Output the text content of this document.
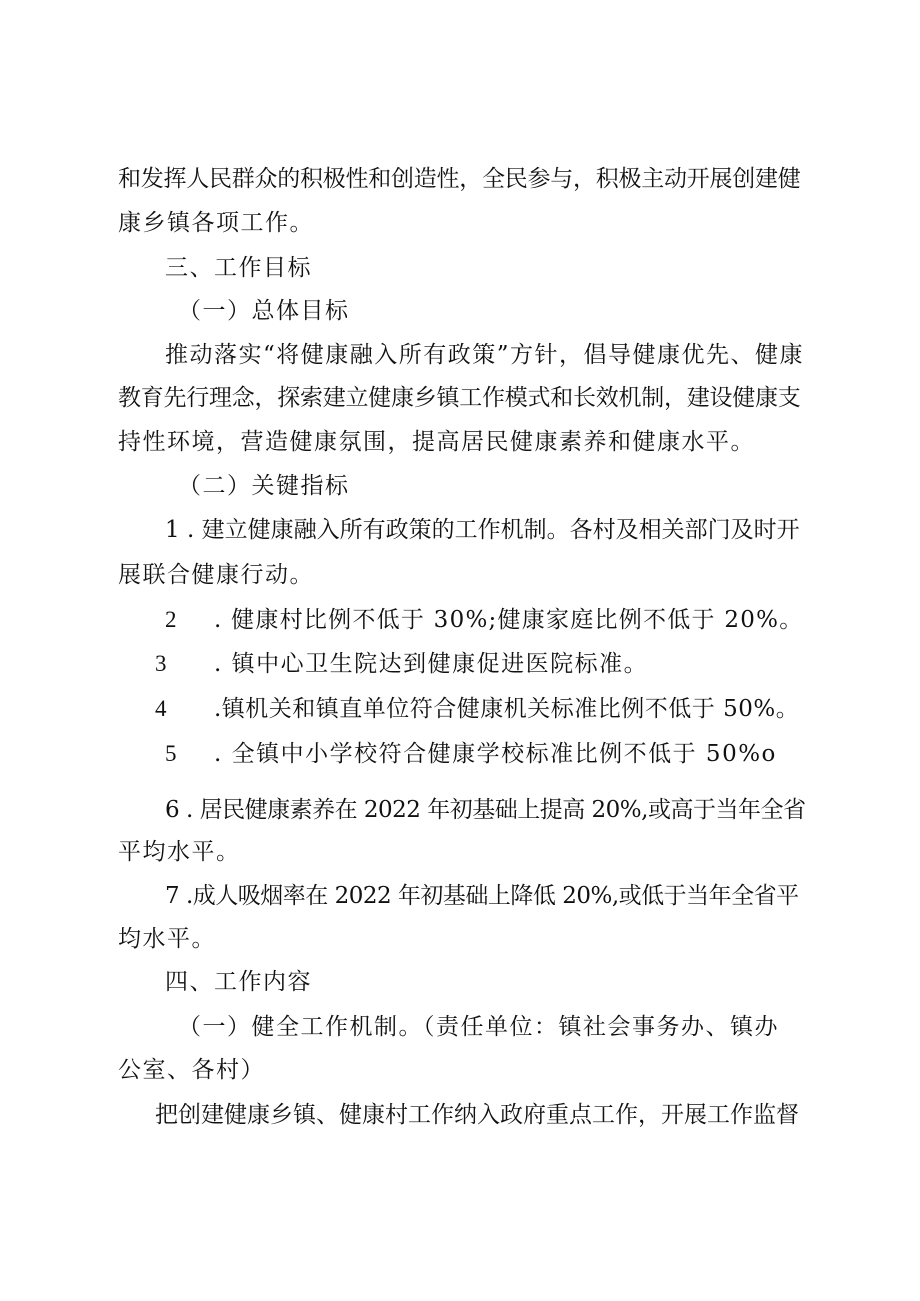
和发挥人民群众的积极性和创造性，全民参与，积极主动开展创建健
康乡镇各项工作。
三、工作目标
（一）总体目标
推动落实“将健康融入所有政策”方针，倡导健康优先、健康
教育先行理念，探索建立健康乡镇工作模式和长效机制，建设健康支
持性环境，营造健康氛围，提高居民健康素养和健康水平。
（二）关键指标
1 . 建立健康融入所有政策的工作机制。各村及相关部门及时开
展联合健康行动。
2 . 健康村比例不低于 30%;健康家庭比例不低于 20%。
3 . 镇中心卫生院达到健康促进医院标准。
4 .镇机关和镇直单位符合健康机关标准比例不低于 50%。
5 . 全镇中小学校符合健康学校标准比例不低于 50%o
6 . 居民健康素养在 2022 年初基础上提高 20%,或高于当年全省
平均水平。
7 .成人吸烟率在 2022 年初基础上降低 20%,或低于当年全省平
均水平。
四、工作内容
（一）健全工作机制。（责任单位：镇社会事务办、镇办
公室、各村）
把创建健康乡镇、健康村工作纳入政府重点工作，开展工作监督
